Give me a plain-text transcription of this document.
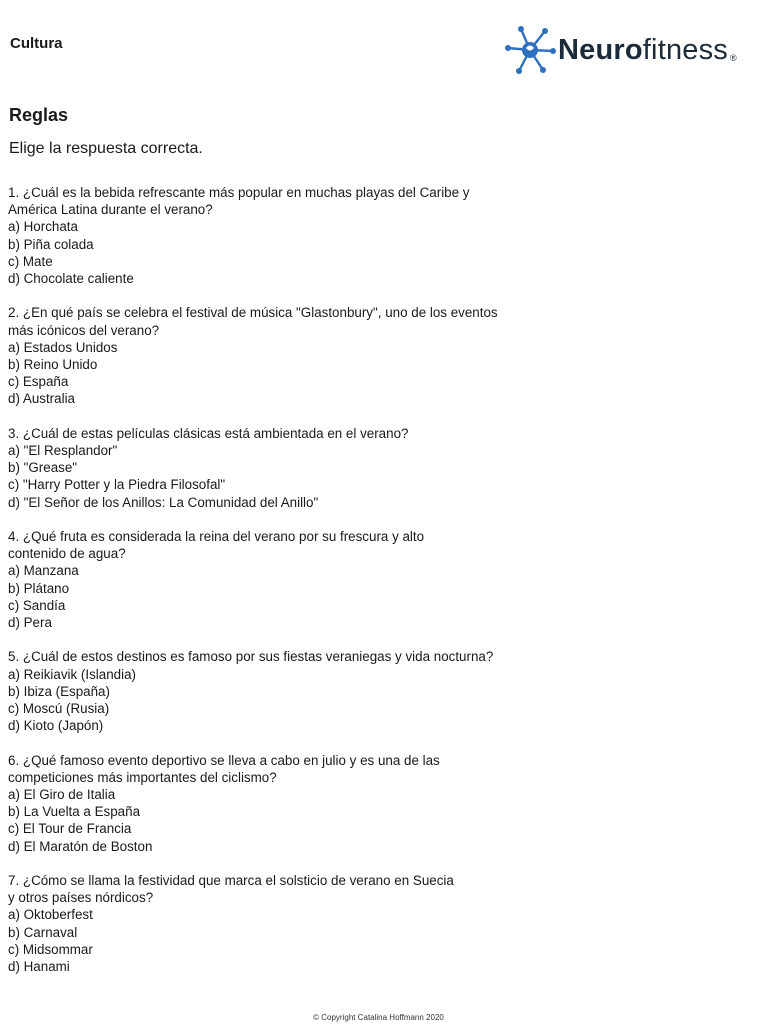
Cultura	Neurofitness ®
Reglas

Elige la respuesta correcta.

1. ¿Cuál es la bebida refrescante más popular en muchas playas del Caribe y
América Latina durante el verano?
a) Horchata
b) Piña colada
c) Mate
d) Chocolate caliente
2. ¿En qué país se celebra el festival de música "Glastonbury", uno de los eventos
más icónicos del verano?
a) Estados Unidos
b) Reino Unido
c) España
d) Australia
3. ¿Cuál de estas películas clásicas está ambientada en el verano?
a) "El Resplandor"
b) "Grease"
c) "Harry Potter y la Piedra Filosofal"
d) "El Señor de los Anillos: La Comunidad del Anillo"
4. ¿Qué fruta es considerada la reina del verano por su frescura y alto
contenido de agua?
a) Manzana
b) Plátano
c) Sandía
d) Pera
5. ¿Cuál de estos destinos es famoso por sus fiestas veraniegas y vida nocturna?
a) Reikiavik (Islandia)
b) Ibiza (España)
c) Moscú (Rusia)
d) Kioto (Japón)
6. ¿Qué famoso evento deportivo se lleva a cabo en julio y es una de las
competiciones más importantes del ciclismo?
a) El Giro de Italia
b) La Vuelta a España
c) El Tour de Francia
d) El Maratón de Boston
7. ¿Cómo se llama la festividad que marca el solsticio de verano en Suecia
y otros países nórdicos?
a) Oktoberfest
b) Carnaval
c) Midsommar
d) Hanami
© Copyright Catalina Hoffmann 2020
